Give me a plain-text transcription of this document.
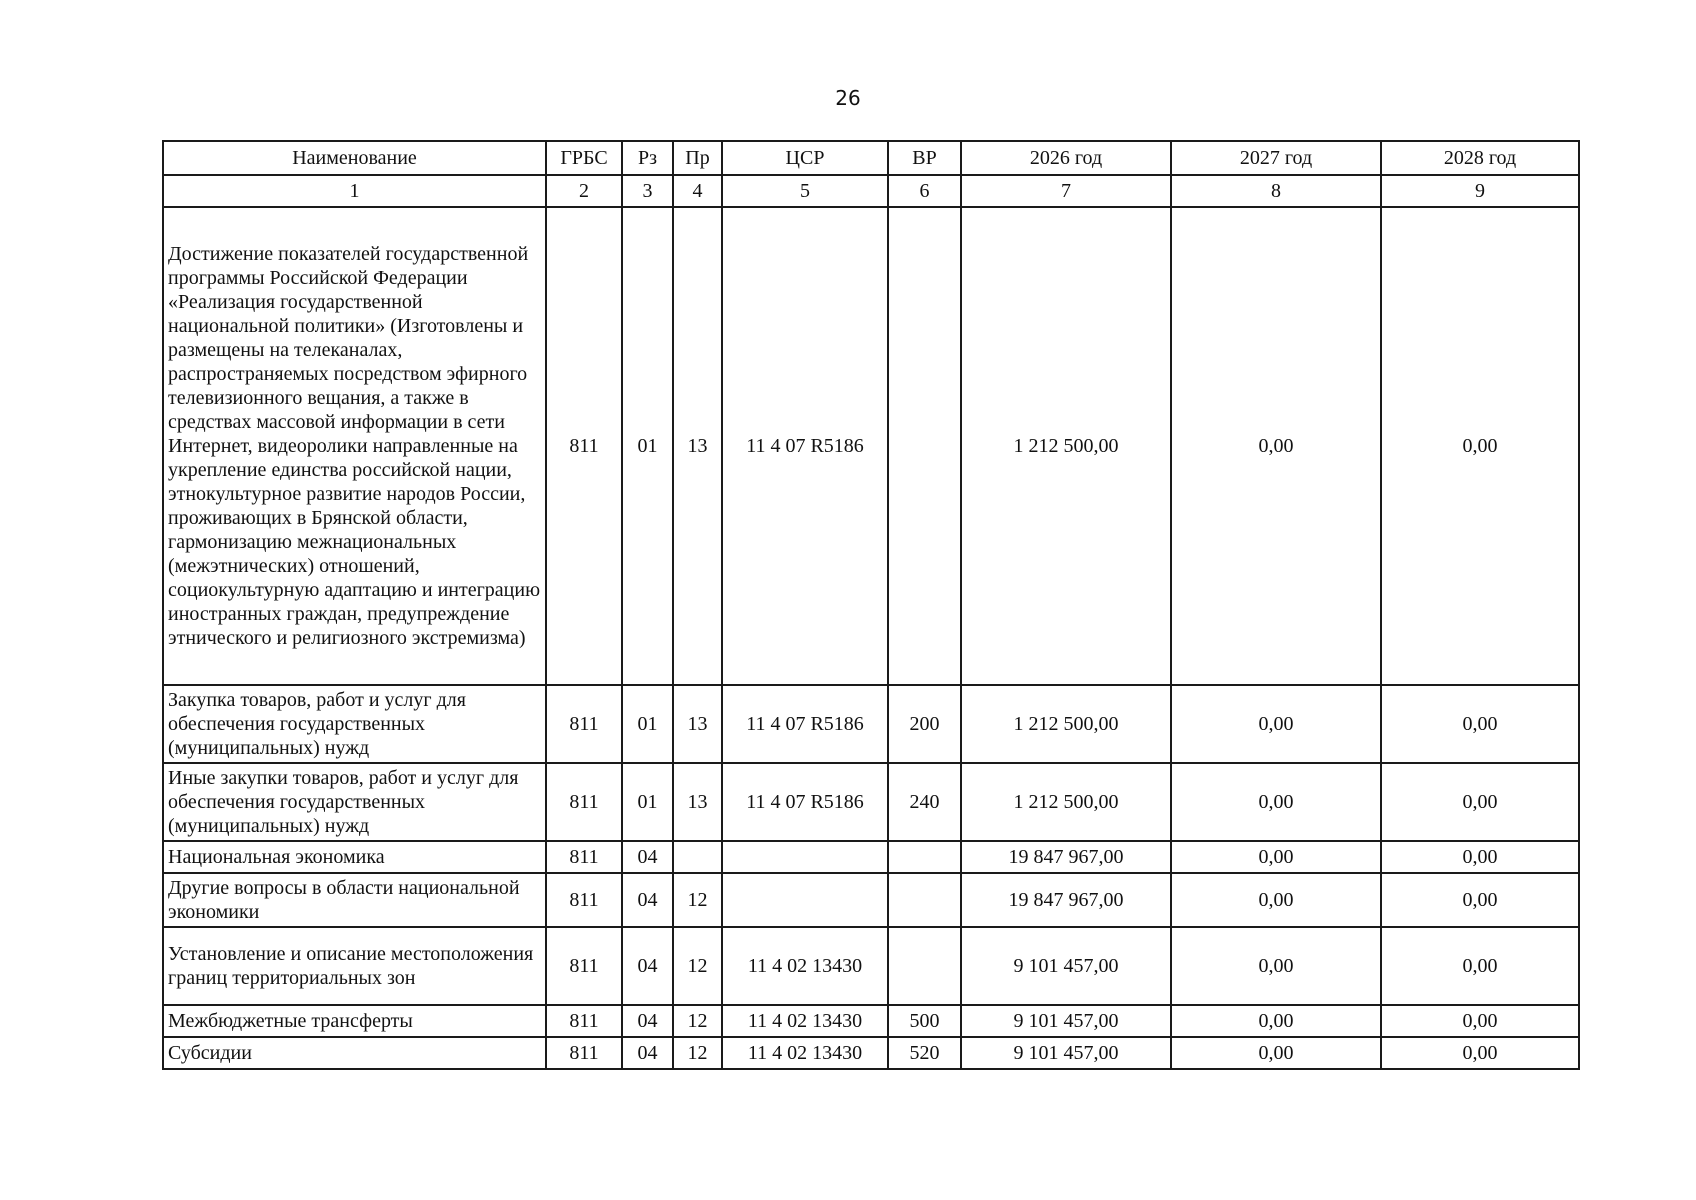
26
Наименование	ГРБС	Рз	Пр	ЦСР	ВР	2026 год	2027 год	2028 год
1	2	3	4	5	6	7	8	9
Достижение показателей государственной программы Российской Федерации «Реализация государственной национальной политики» (Изготовлены и размещены на телеканалах, распространяемых посредством эфирного телевизионного вещания, а также в средствах массовой информации в сети Интернет, видеоролики направленные на укрепление единства российской нации, этнокультурное развитие народов России, проживающих в Брянской области, гармонизацию межнациональных (межэтнических) отношений, социокультурную адаптацию и интеграцию иностранных граждан, предупреждение этнического и религиозного экстремизма)	811	01	13	11 4 07 R5186		1 212 500,00	0,00	0,00
Закупка товаров, работ и услуг для обеспечения государственных (муниципальных) нужд	811	01	13	11 4 07 R5186	200	1 212 500,00	0,00	0,00
Иные закупки товаров, работ и услуг для обеспечения государственных (муниципальных) нужд	811	01	13	11 4 07 R5186	240	1 212 500,00	0,00	0,00
Национальная экономика	811	04				19 847 967,00	0,00	0,00
Другие вопросы в области национальной экономики	811	04	12			19 847 967,00	0,00	0,00
Установление и описание местоположения границ территориальных зон	811	04	12	11 4 02 13430		9 101 457,00	0,00	0,00
Межбюджетные трансферты	811	04	12	11 4 02 13430	500	9 101 457,00	0,00	0,00
Субсидии	811	04	12	11 4 02 13430	520	9 101 457,00	0,00	0,00
